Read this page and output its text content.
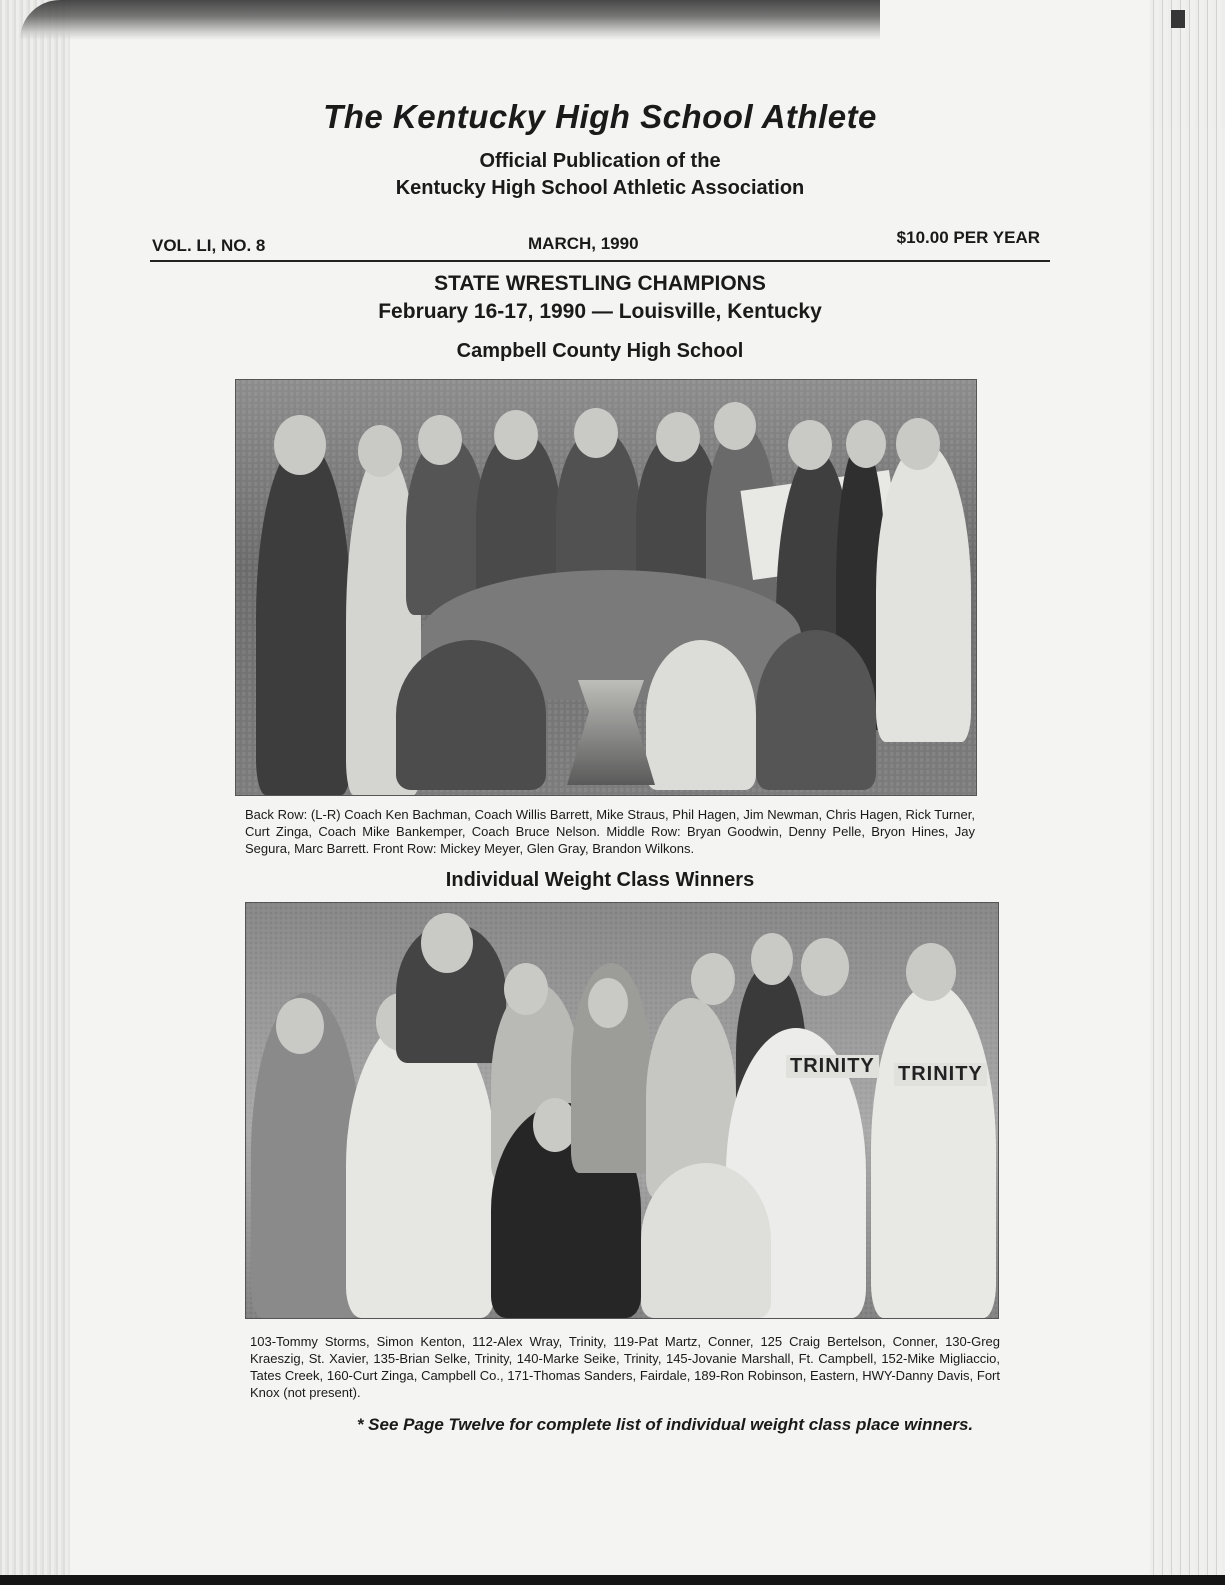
The Kentucky High School Athlete
Official Publication of the
Kentucky High School Athletic Association
VOL. LI, NO. 8	MARCH, 1990	$10.00 PER YEAR
STATE WRESTLING CHAMPIONS
February 16-17, 1990 — Louisville, Kentucky
Campbell County High School
Back Row: (L-R) Coach Ken Bachman, Coach Willis Barrett, Mike Straus, Phil Hagen, Jim Newman, Chris Hagen, Rick Turner, Curt Zinga, Coach Mike Bankemper, Coach Bruce Nelson. Middle Row: Bryan Goodwin, Denny Pelle, Bryon Hines, Jay Segura, Marc Barrett. Front Row: Mickey Meyer, Glen Gray, Brandon Wilkons.
Individual Weight Class Winners
TRINITY TRINITY
103-Tommy Storms, Simon Kenton, 112-Alex Wray, Trinity, 119-Pat Martz, Conner, 125 Craig Bertelson, Conner, 130-Greg Kraeszig, St. Xavier, 135-Brian Selke, Trinity, 140-Marke Seike, Trinity, 145-Jovanie Marshall, Ft. Campbell, 152-Mike Migliaccio, Tates Creek, 160-Curt Zinga, Campbell Co., 171-Thomas Sanders, Fairdale, 189-Ron Robinson, Eastern, HWY-Danny Davis, Fort Knox (not present).
* See Page Twelve for complete list of individual weight class place winners.
